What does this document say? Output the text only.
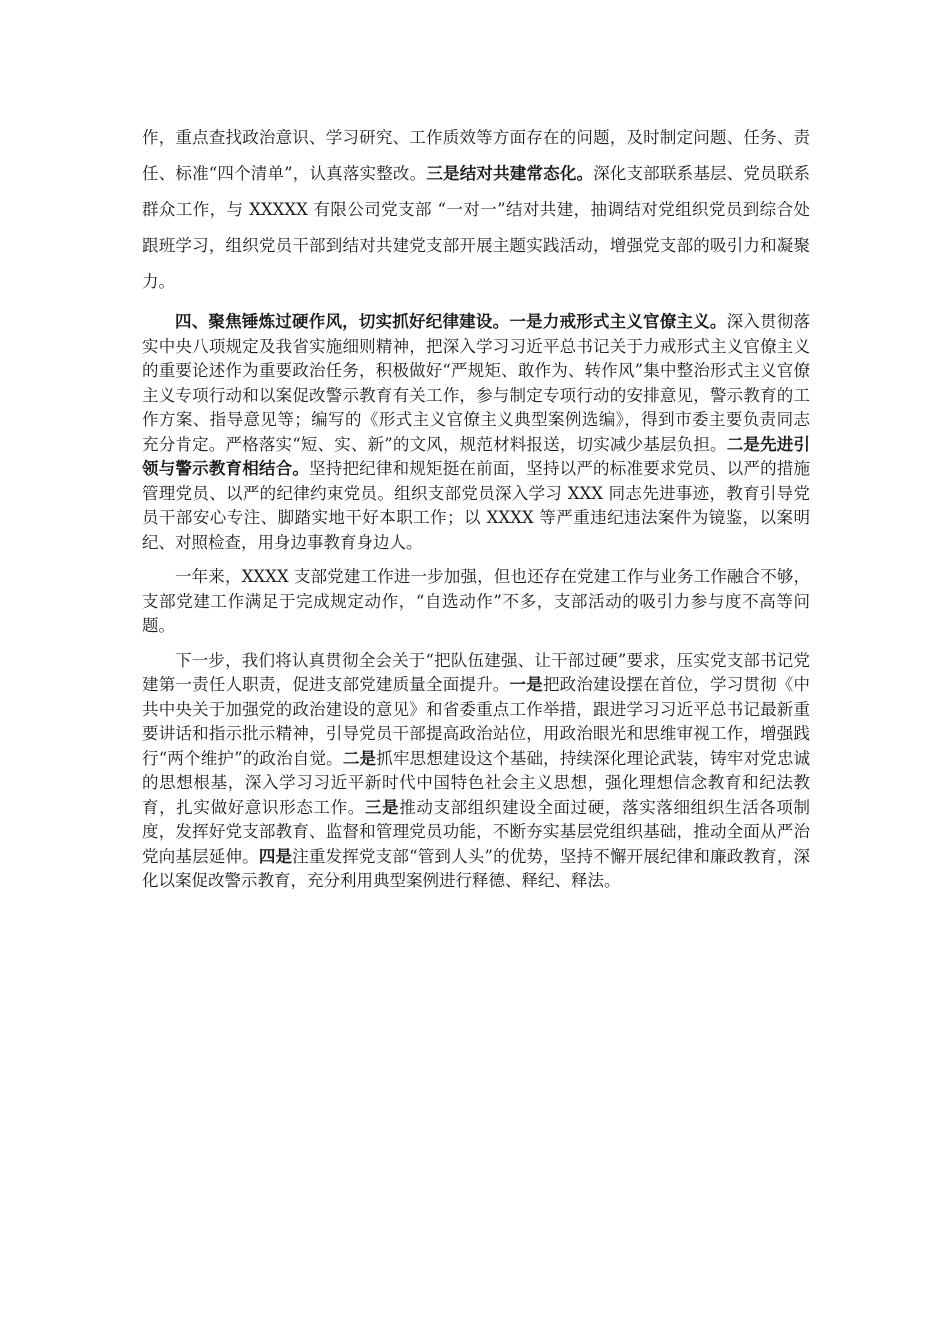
作，重点查找政治意识、学习研究、工作质效等方面存在的问题，及时制定问题、任务、责任、标准“四个清单”，认真落实整改。三是结对共建常态化。深化支部联系基层、党员联系群众工作，与 XXXXX 有限公司党支部 “一对一”结对共建，抽调结对党组织党员到综合处跟班学习，组织党员干部到结对共建党支部开展主题实践活动，增强党支部的吸引力和凝聚力。

四、聚焦锤炼过硬作风，切实抓好纪律建设。一是力戒形式主义官僚主义。深入贯彻落实中央八项规定及我省实施细则精神，把深入学习习近平总书记关于力戒形式主义官僚主义的重要论述作为重要政治任务，积极做好“严规矩、敢作为、转作风”集中整治形式主义官僚主义专项行动和以案促改警示教育有关工作，参与制定专项行动的安排意见，警示教育的工作方案、指导意见等；编写的《形式主义官僚主义典型案例选编》，得到市委主要负责同志充分肯定。严格落实“短、实、新”的文风，规范材料报送，切实减少基层负担。二是先进引领与警示教育相结合。坚持把纪律和规矩挺在前面，坚持以严的标准要求党员、以严的措施管理党员、以严的纪律约束党员。组织支部党员深入学习 XXX 同志先进事迹，教育引导党员干部安心专注、脚踏实地干好本职工作；以 XXXX 等严重违纪违法案件为镜鉴，以案明纪、对照检查，用身边事教育身边人。

一年来，XXXX 支部党建工作进一步加强，但也还存在党建工作与业务工作融合不够，支部党建工作满足于完成规定动作，“自选动作”不多，支部活动的吸引力参与度不高等问题。

下一步，我们将认真贯彻全会关于“把队伍建强、让干部过硬”要求，压实党支部书记党建第一责任人职责，促进支部党建质量全面提升。一是把政治建设摆在首位，学习贯彻《中共中央关于加强党的政治建设的意见》和省委重点工作举措，跟进学习习近平总书记最新重要讲话和指示批示精神，引导党员干部提高政治站位，用政治眼光和思维审视工作，增强践行“两个维护”的政治自觉。二是抓牢思想建设这个基础，持续深化理论武装，铸牢对党忠诚的思想根基，深入学习习近平新时代中国特色社会主义思想，强化理想信念教育和纪法教育，扎实做好意识形态工作。三是推动支部组织建设全面过硬，落实落细组织生活各项制度，发挥好党支部教育、监督和管理党员功能，不断夯实基层党组织基础，推动全面从严治党向基层延伸。四是注重发挥党支部“管到人头”的优势，坚持不懈开展纪律和廉政教育，深化以案促改警示教育，充分利用典型案例进行释德、释纪、释法。
